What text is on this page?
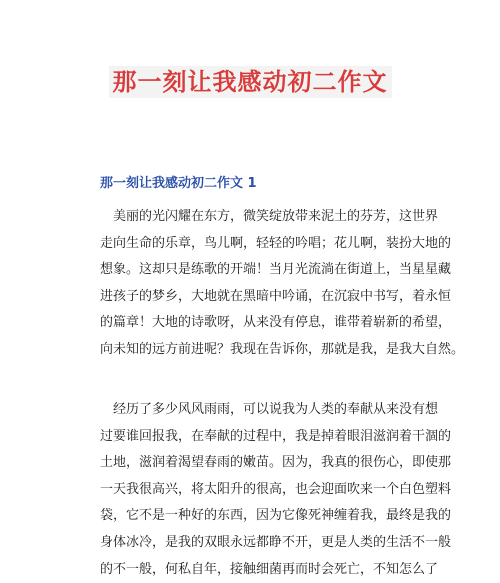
那一刻让我感动初二作文
那一刻让我感动初二作文 1
　美丽的光闪耀在东方，微笑绽放带来泥土的芬芳，这世界
走向生命的乐章，鸟儿啊，轻轻的吟唱；花儿啊，装扮大地的
想象。这却只是练歌的开端！当月光流淌在街道上，当星星藏
进孩子的梦乡，大地就在黑暗中吟诵，在沉寂中书写，着永恒
的篇章！大地的诗歌呀，从来没有停息，谁带着崭新的希望，
向未知的远方前进呢？我现在告诉你，那就是我，是我大自然。
　经历了多少风风雨雨，可以说我为人类的奉献从来没有想
过要谁回报我，在奉献的过程中，我是掉着眼泪滋润着干涸的
土地，滋润着渴望春雨的嫩苗。因为，我真的很伤心，即使那
一天我很高兴，将太阳升的很高，也会迎面吹来一个白色塑料
袋，它不是一种好的东西，因为它像死神缠着我，最终是我的
身体冰冷，是我的双眼永远都睁不开，更是人类的生活不一般
的不一般，何私自年，接触细菌再而时会死亡，不知怎么了
